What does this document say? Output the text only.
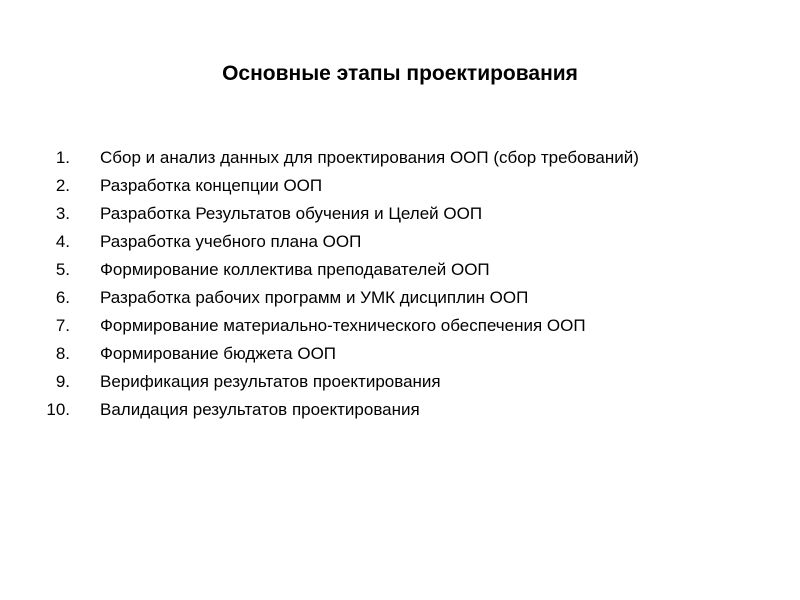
Основные этапы проектирования
1. Сбор и анализ данных для проектирования ООП (сбор требований)
2. Разработка концепции ООП
3. Разработка Результатов обучения и Целей ООП
4. Разработка учебного плана ООП
5. Формирование коллектива преподавателей ООП
6. Разработка рабочих программ и УМК дисциплин ООП
7. Формирование материально-технического обеспечения ООП
8. Формирование бюджета ООП
9. Верификация результатов проектирования
10. Валидация результатов проектирования
